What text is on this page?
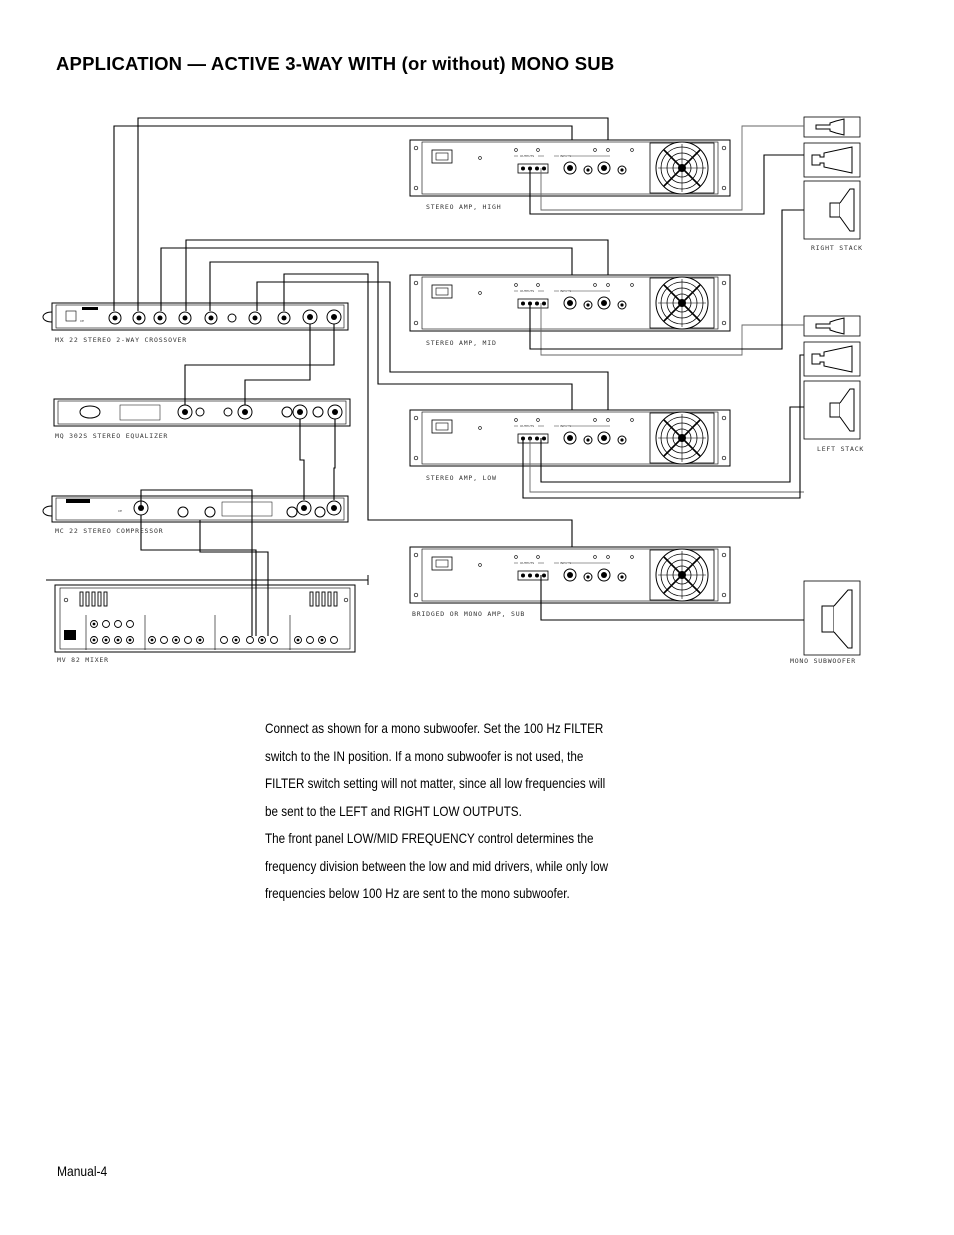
APPLICATION — ACTIVE 3-WAY WITH (or without) MONO SUB
OUTPUTS	INPUTS
CE
MX 22 STEREO 2-WAY CROSSOVER
MQ 302S STEREO EQUALIZER
CE
MC 22 STEREO COMPRESSOR
MV 82 MIXER
STEREO AMP, HIGH
STEREO AMP, MID
STEREO AMP, LOW
BRIDGED OR MONO AMP, SUB
RIGHT STACK
LEFT STACK
MONO SUBWOOFER

Connect as shown for a mono subwoofer. Set the 100 Hz FILTER switch to the IN position. If a mono subwoofer is not used, the FILTER switch setting will not matter, since all low frequencies will be sent to the LEFT and RIGHT LOW OUTPUTS.

The front panel LOW/MID FREQUENCY control determines the frequency division between the low and mid drivers, while only low frequencies below 100 Hz are sent to the mono subwoofer.

Manual-4
